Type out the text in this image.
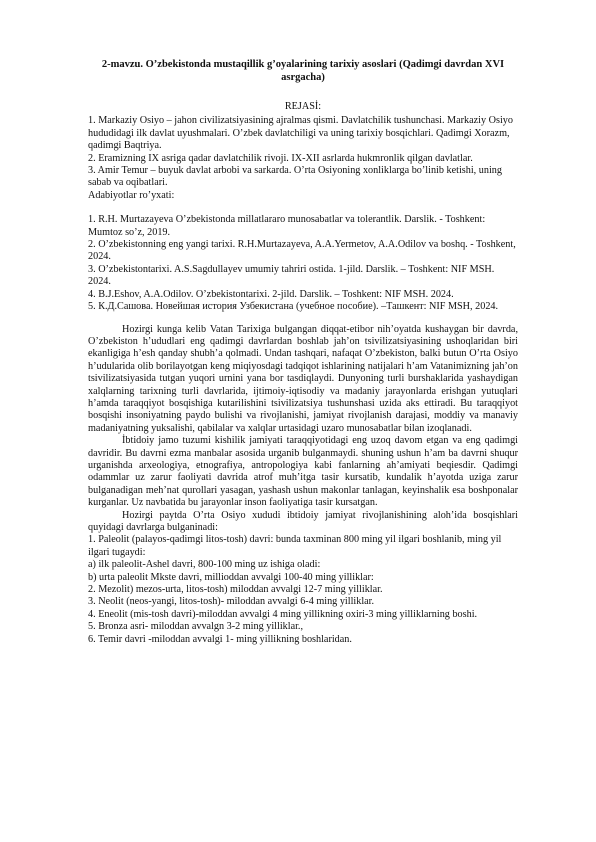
2-mavzu. O’zbekistonda mustaqillik g’oyalarining tarixiy asoslari (Qadimgi davrdan XVI asrgacha)
REJASİ:

1. Markaziy Osiyo – jahon civilizatsiyasining ajralmas qismi. Davlatchilik tushunchasi. Markaziy Osiyo hududidagi ilk davlat uyushmalari. O’zbek davlatchiligi va uning tarixiy bosqichlari. Qadimgi Xorazm, qadimgi Baqtriya.

2. Eramizning IX asriga qadar davlatchilik rivoji. IX-XII asrlarda hukmronlik qilgan davlatlar.

3. Amir Temur – buyuk davlat arbobi va sarkarda. O’rta Osiyoning xonliklarga bo’linib ketishi, uning sabab va oqibatlari.

Adabiyotlar ro’yxati:

1. R.H. Murtazayeva O’zbekistonda millatlararo munosabatlar va tolerantlik. Darslik. - Toshkent: Mumtoz so’z, 2019.

2. O’zbekistonning eng yangi tarixi. R.H.Murtazayeva, A.A.Yermetov, A.A.Odilov va boshq. - Toshkent, 2024.

3. O’zbekistontarixi. A.S.Sagdullayev umumiy tahriri ostida. 1-jild. Darslik. – Toshkent: NIF MSH. 2024.

4. B.J.Eshov, A.A.Odilov. O’zbekistontarixi. 2-jild. Darslik. – Toshkent: NIF MSH. 2024.

5. К.Д.Сашова. Новейшая история Узбекистана (учебное пособие). –Ташкент: NIF MSH, 2024.

Hozirgi kunga kelib Vatan Tarixiga bulgangan diqqat-etibor nih’oyatda kushaygan bir davrda, O’zbekiston h’ududlari eng qadimgi davrlardan boshlab jah’on tsivilizatsiyasining ushoqlaridan biri ekanligiga h’esh qanday shubh’a qolmadi. Undan tashqari, nafaqat O’zbekiston, balki butun O’rta Osiyo h’udularida olib borilayotgan keng miqiyosdagi tadqiqot ishlarining natijalari h’am Vatanimizning jah’on tsivilizatsiyasida tutgan yuqori urnini yana bor tasdiqlaydi. Dunyoning turli burshaklarida yashaydigan xalqlarning tarixning turli davrlarida, ijtimoiy-iqtisodiy va madaniy jarayonlarda erishgan yutuqlari h’amda taraqqiyot bosqishiga kutarilishini tsivilizatsiya tushunshasi uzida aks ettiradi. Bu taraqqiyot bosqishi insoniyatning paydo bulishi va rivojlanishi, jamiyat rivojlanish darajasi, moddiy va manaviy madaniyatning yuksalishi, qabilalar va xalqlar urtasidagi uzaro munosabatlar bilan izoqlanadi.

İbtidoiy jamo tuzumi kishilik jamiyati taraqqiyotidagi eng uzoq davom etgan va eng qadimgi davridir. Bu davrni ezma manbalar asosida urganib bulganmaydi. shuning ushun h’am ba davrni shuqur urganishda arxeologiya, etnografiya, antropologiya kabi fanlarning ah’amiyati beqiesdir. Qadimgi odammlar uz zarur faoliyati davrida atrof muh’itga tasir kursatib, kundalik h’ayotda uziga zarur bulganadigan meh’nat qurollari yasagan, yashash ushun makonlar tanlagan, keyinshalik esa boshponalar kurganlar. Uz navbatida bu jarayonlar inson faoliyatiga tasir kursatgan.

Hozirgi paytda O’rta Osiyo xududi ibtidoiy jamiyat rivojlanishining aloh’ida bosqishlari quyidagi davrlarga bulganinadi:

1. Paleolit (palayos-qadimgi litos-tosh) davri: bunda taxminan 800 ming yil ilgari boshlanib, ming yil ilgari tugaydi:

a) ilk paleolit-Ashel davri, 800-100 ming uz ishiga oladi:

b) urta paleolit Mkste davri, millioddan avvalgi 100-40 ming yilliklar:

2. Mezolit) mezos-urta, litos-tosh) miloddan avvalgi 12-7 ming yilliklar.

3. Neolit (neos-yangi, litos-tosh)- miloddan avvalgi 6-4 ming yilliklar.

4. Eneolit (mis-tosh davri)-miloddan avvalgi 4 ming yillikning oxiri-3 ming yilliklarning boshi.

5. Bronza asri- miloddan avvalgn 3-2 ming yilliklar.,

6. Temir davri -miloddan avvalgi 1- ming yillikning boshlaridan.
